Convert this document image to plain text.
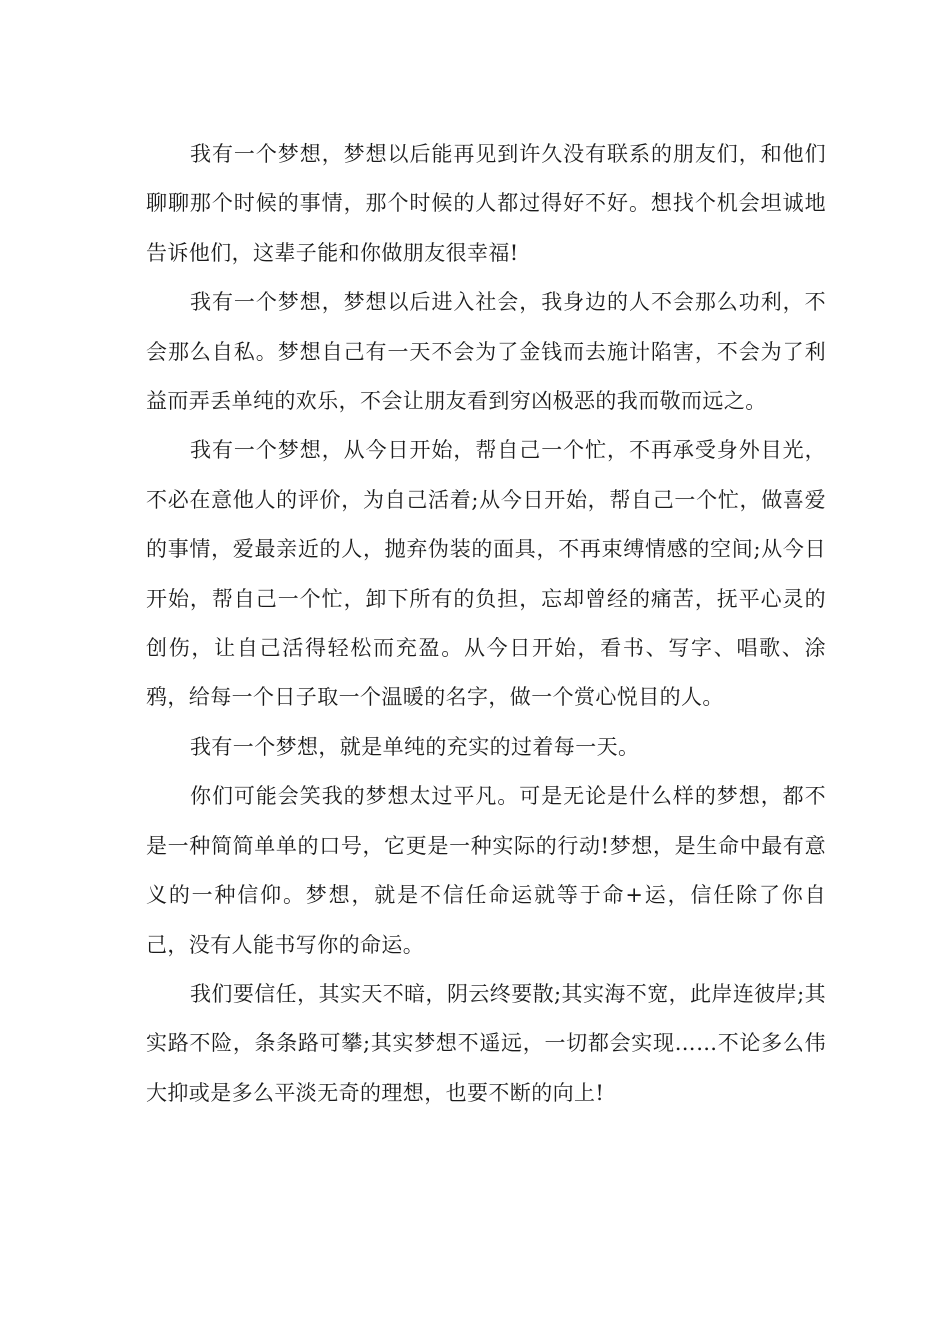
我有一个梦想，梦想以后能再见到许久没有联系的朋友们，和他们聊聊那个时候的事情，那个时候的人都过得好不好。想找个机会坦诚地告诉他们，这辈子能和你做朋友很幸福!

我有一个梦想，梦想以后进入社会，我身边的人不会那么功利，不会那么自私。梦想自己有一天不会为了金钱而去施计陷害，不会为了利益而弄丢单纯的欢乐，不会让朋友看到穷凶极恶的我而敬而远之。

我有一个梦想，从今日开始，帮自己一个忙，不再承受身外目光，不必在意他人的评价，为自己活着;从今日开始，帮自己一个忙，做喜爱的事情，爱最亲近的人，抛弃伪装的面具，不再束缚情感的空间;从今日开始，帮自己一个忙，卸下所有的负担，忘却曾经的痛苦，抚平心灵的创伤，让自己活得轻松而充盈。从今日开始，看书、写字、唱歌、涂鸦，给每一个日子取一个温暖的名字，做一个赏心悦目的人。

我有一个梦想，就是单纯的充实的过着每一天。

你们可能会笑我的梦想太过平凡。可是无论是什么样的梦想，都不是一种简简单单的口号，它更是一种实际的行动!梦想，是生命中最有意义的一种信仰。梦想，就是不信任命运就等于命+运，信任除了你自己，没有人能书写你的命运。

我们要信任，其实天不暗，阴云终要散;其实海不宽，此岸连彼岸;其实路不险，条条路可攀;其实梦想不遥远，一切都会实现……不论多么伟大抑或是多么平淡无奇的理想，也要不断的向上!
